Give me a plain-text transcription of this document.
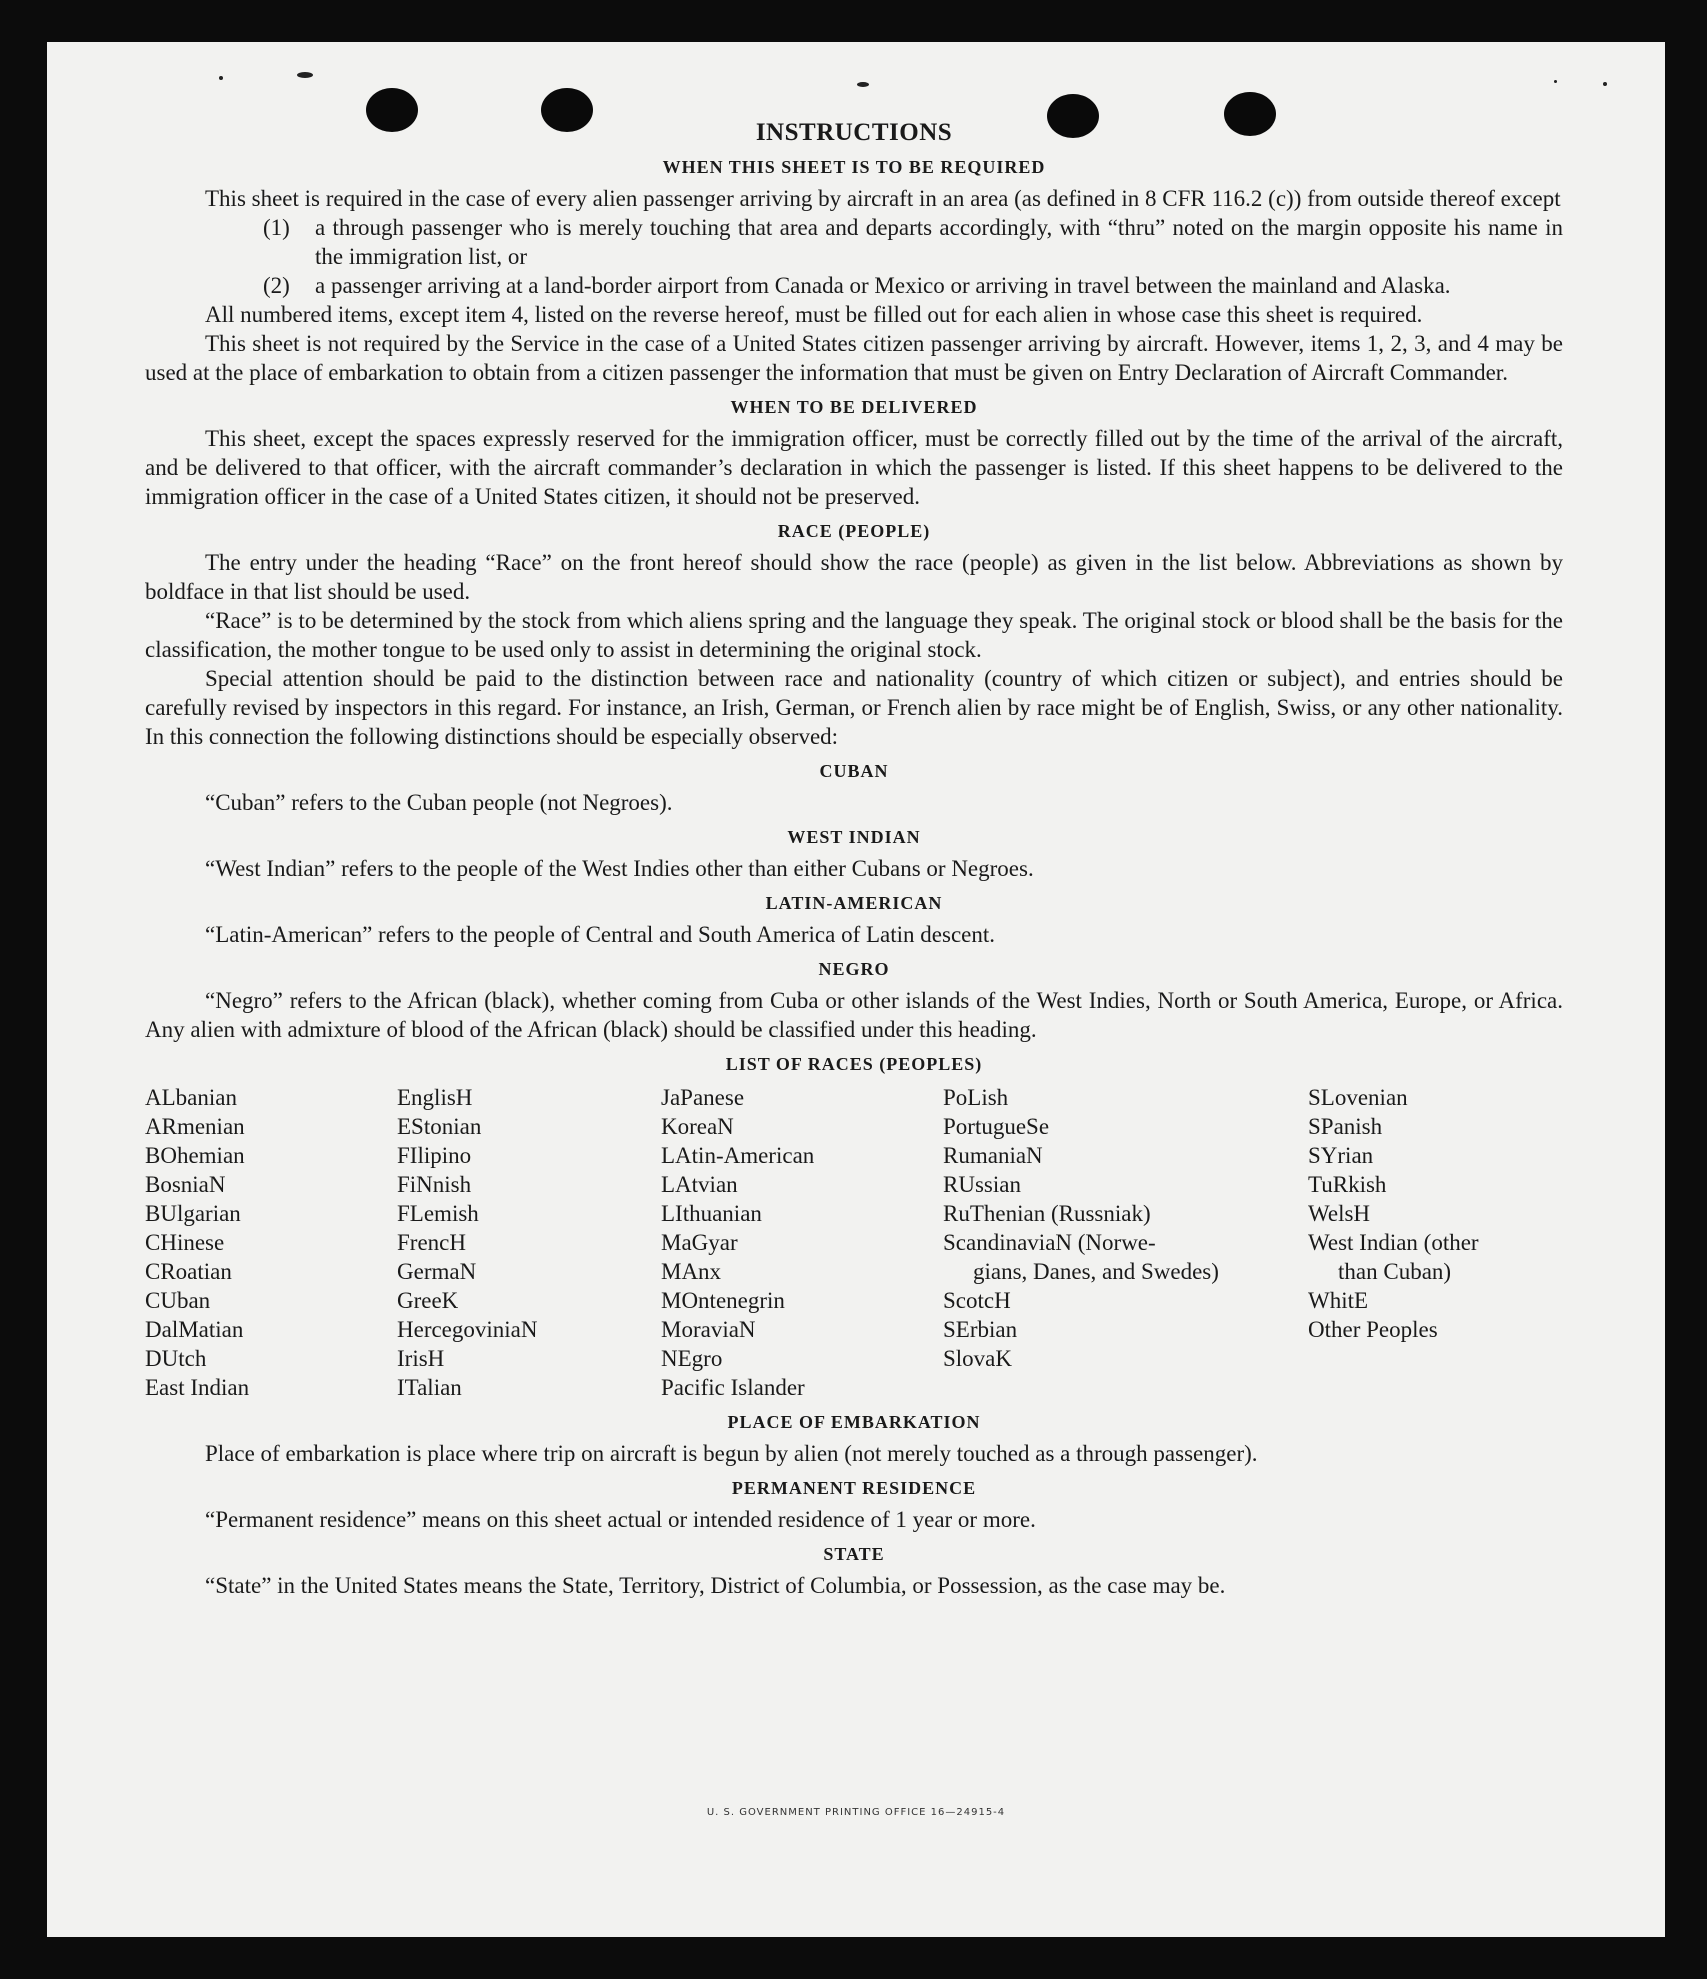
INSTRUCTIONS
WHEN THIS SHEET IS TO BE REQUIRED

This sheet is required in the case of every alien passenger arriving by aircraft in an area (as defined in 8 CFR 116.2 (c)) from outside thereof except

(1)	a through passenger who is merely touching that area and departs accordingly, with “thru” noted on the margin opposite his name in the immigration list, or
(2)	a passenger arriving at a land-border airport from Canada or Mexico or arriving in travel between the mainland and Alaska.

All numbered items, except item 4, listed on the reverse hereof, must be filled out for each alien in whose case this sheet is required.

This sheet is not required by the Service in the case of a United States citizen passenger arriving by aircraft. However, items 1, 2, 3, and 4 may be used at the place of embarkation to obtain from a citizen passenger the information that must be given on Entry Declaration of Aircraft Commander.

WHEN TO BE DELIVERED

This sheet, except the spaces expressly reserved for the immigration officer, must be correctly filled out by the time of the arrival of the aircraft, and be delivered to that officer, with the aircraft commander’s declaration in which the passenger is listed. If this sheet happens to be delivered to the immigration officer in the case of a United States citizen, it should not be preserved.

RACE (PEOPLE)

The entry under the heading “Race” on the front hereof should show the race (people) as given in the list below. Abbreviations as shown by boldface in that list should be used.

“Race” is to be determined by the stock from which aliens spring and the language they speak. The original stock or blood shall be the basis for the classification, the mother tongue to be used only to assist in determining the original stock.

Special attention should be paid to the distinction between race and nationality (country of which citizen or subject), and entries should be carefully revised by inspectors in this regard. For instance, an Irish, German, or French alien by race might be of English, Swiss, or any other nationality. In this connection the following distinctions should be especially observed:

CUBAN

“Cuban” refers to the Cuban people (not Negroes).

WEST INDIAN

“West Indian” refers to the people of the West Indies other than either Cubans or Negroes.

LATIN-AMERICAN

“Latin-American” refers to the people of Central and South America of Latin descent.

NEGRO

“Negro” refers to the African (black), whether coming from Cuba or other islands of the West Indies, North or South America, Europe, or Africa. Any alien with admixture of blood of the African (black) should be classified under this heading.

LIST OF RACES (PEOPLES)
ALbanian
ARmenian
BOhemian
BosniaN
BUlgarian
CHinese
CRoatian
CUban
DalMatian
DUtch
East Indian
EnglisH
EStonian
FIlipino
FiNnish
FLemish
FrencH
GermaN
GreeK
HercegoviniaN
IrisH
ITalian
JaPanese
KoreaN
LAtin-American
LAtvian
LIthuanian
MaGyar
MAnx
MOntenegrin
MoraviaN
NEgro
Pacific Islander
PoLish
PortugueSe
RumaniaN
RUssian
RuThenian (Russniak)
ScandinaviaN (Norwe-
gians, Danes, and Swedes)
ScotcH
SErbian
SlovaK
SLovenian
SPanish
SYrian
TuRkish
WelsH
West Indian (other
than Cuban)
WhitE
Other Peoples
PLACE OF EMBARKATION

Place of embarkation is place where trip on aircraft is begun by alien (not merely touched as a through passenger).

PERMANENT RESIDENCE

“Permanent residence” means on this sheet actual or intended residence of 1 year or more.

STATE

“State” in the United States means the State, Territory, District of Columbia, or Possession, as the case may be.

U. S. GOVERNMENT PRINTING OFFICE 16—24915-4
